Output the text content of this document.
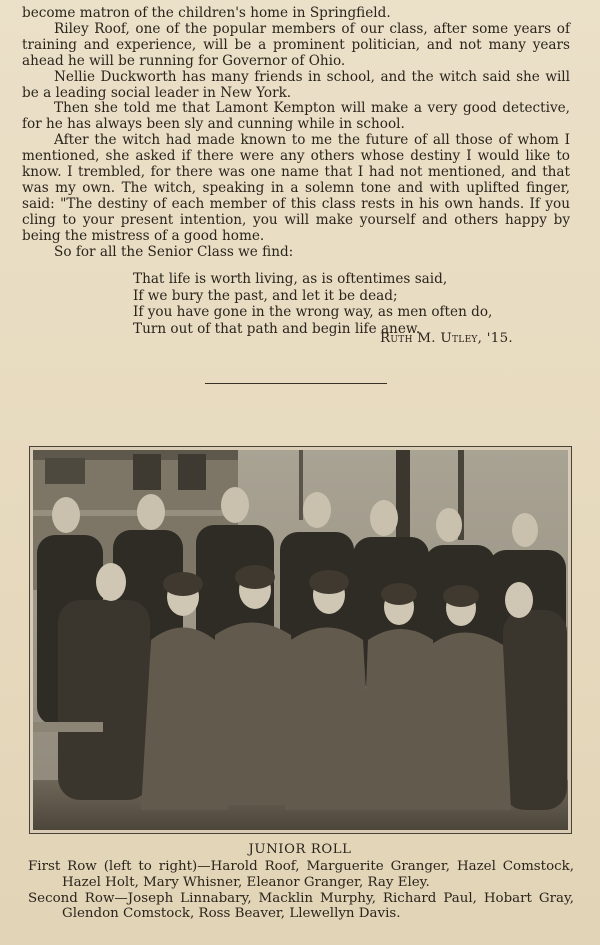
become matron of the children's home in Springfield.

Riley Roof, one of the popular members of our class, after some years of training and experience, will be a prominent politician, and not many years ahead he will be running for Governor of Ohio.

Nellie Duckworth has many friends in school, and the witch said she will be a leading social leader in New York.

Then she told me that Lamont Kempton will make a very good detective, for he has always been sly and cunning while in school.

After the witch had made known to me the future of all those of whom I mentioned, she asked if there were any others whose destiny I would like to know. I trembled, for there was one name that I had not mentioned, and that was my own. The witch, speaking in a solemn tone and with uplifted finger, said: "The destiny of each member of this class rests in his own hands. If you cling to your present intention, you will make yourself and others happy by being the mistress of a good home.

So for all the Senior Class we find:

That life is worth living, as is oftentimes said,
If we bury the past, and let it be dead;
If you have gone in the wrong way, as men often do,
Turn out of that path and begin life anew.
Ruth M. Utley, '15.
JUNIOR ROLL

First Row (left to right)—Harold Roof, Marguerite Granger, Hazel Comstock, Hazel Holt, Mary Whisner, Eleanor Granger, Ray Eley.

Second Row—Joseph Linnabary, Macklin Murphy, Richard Paul, Hobart Gray, Glendon Comstock, Ross Beaver, Llewellyn Davis.
